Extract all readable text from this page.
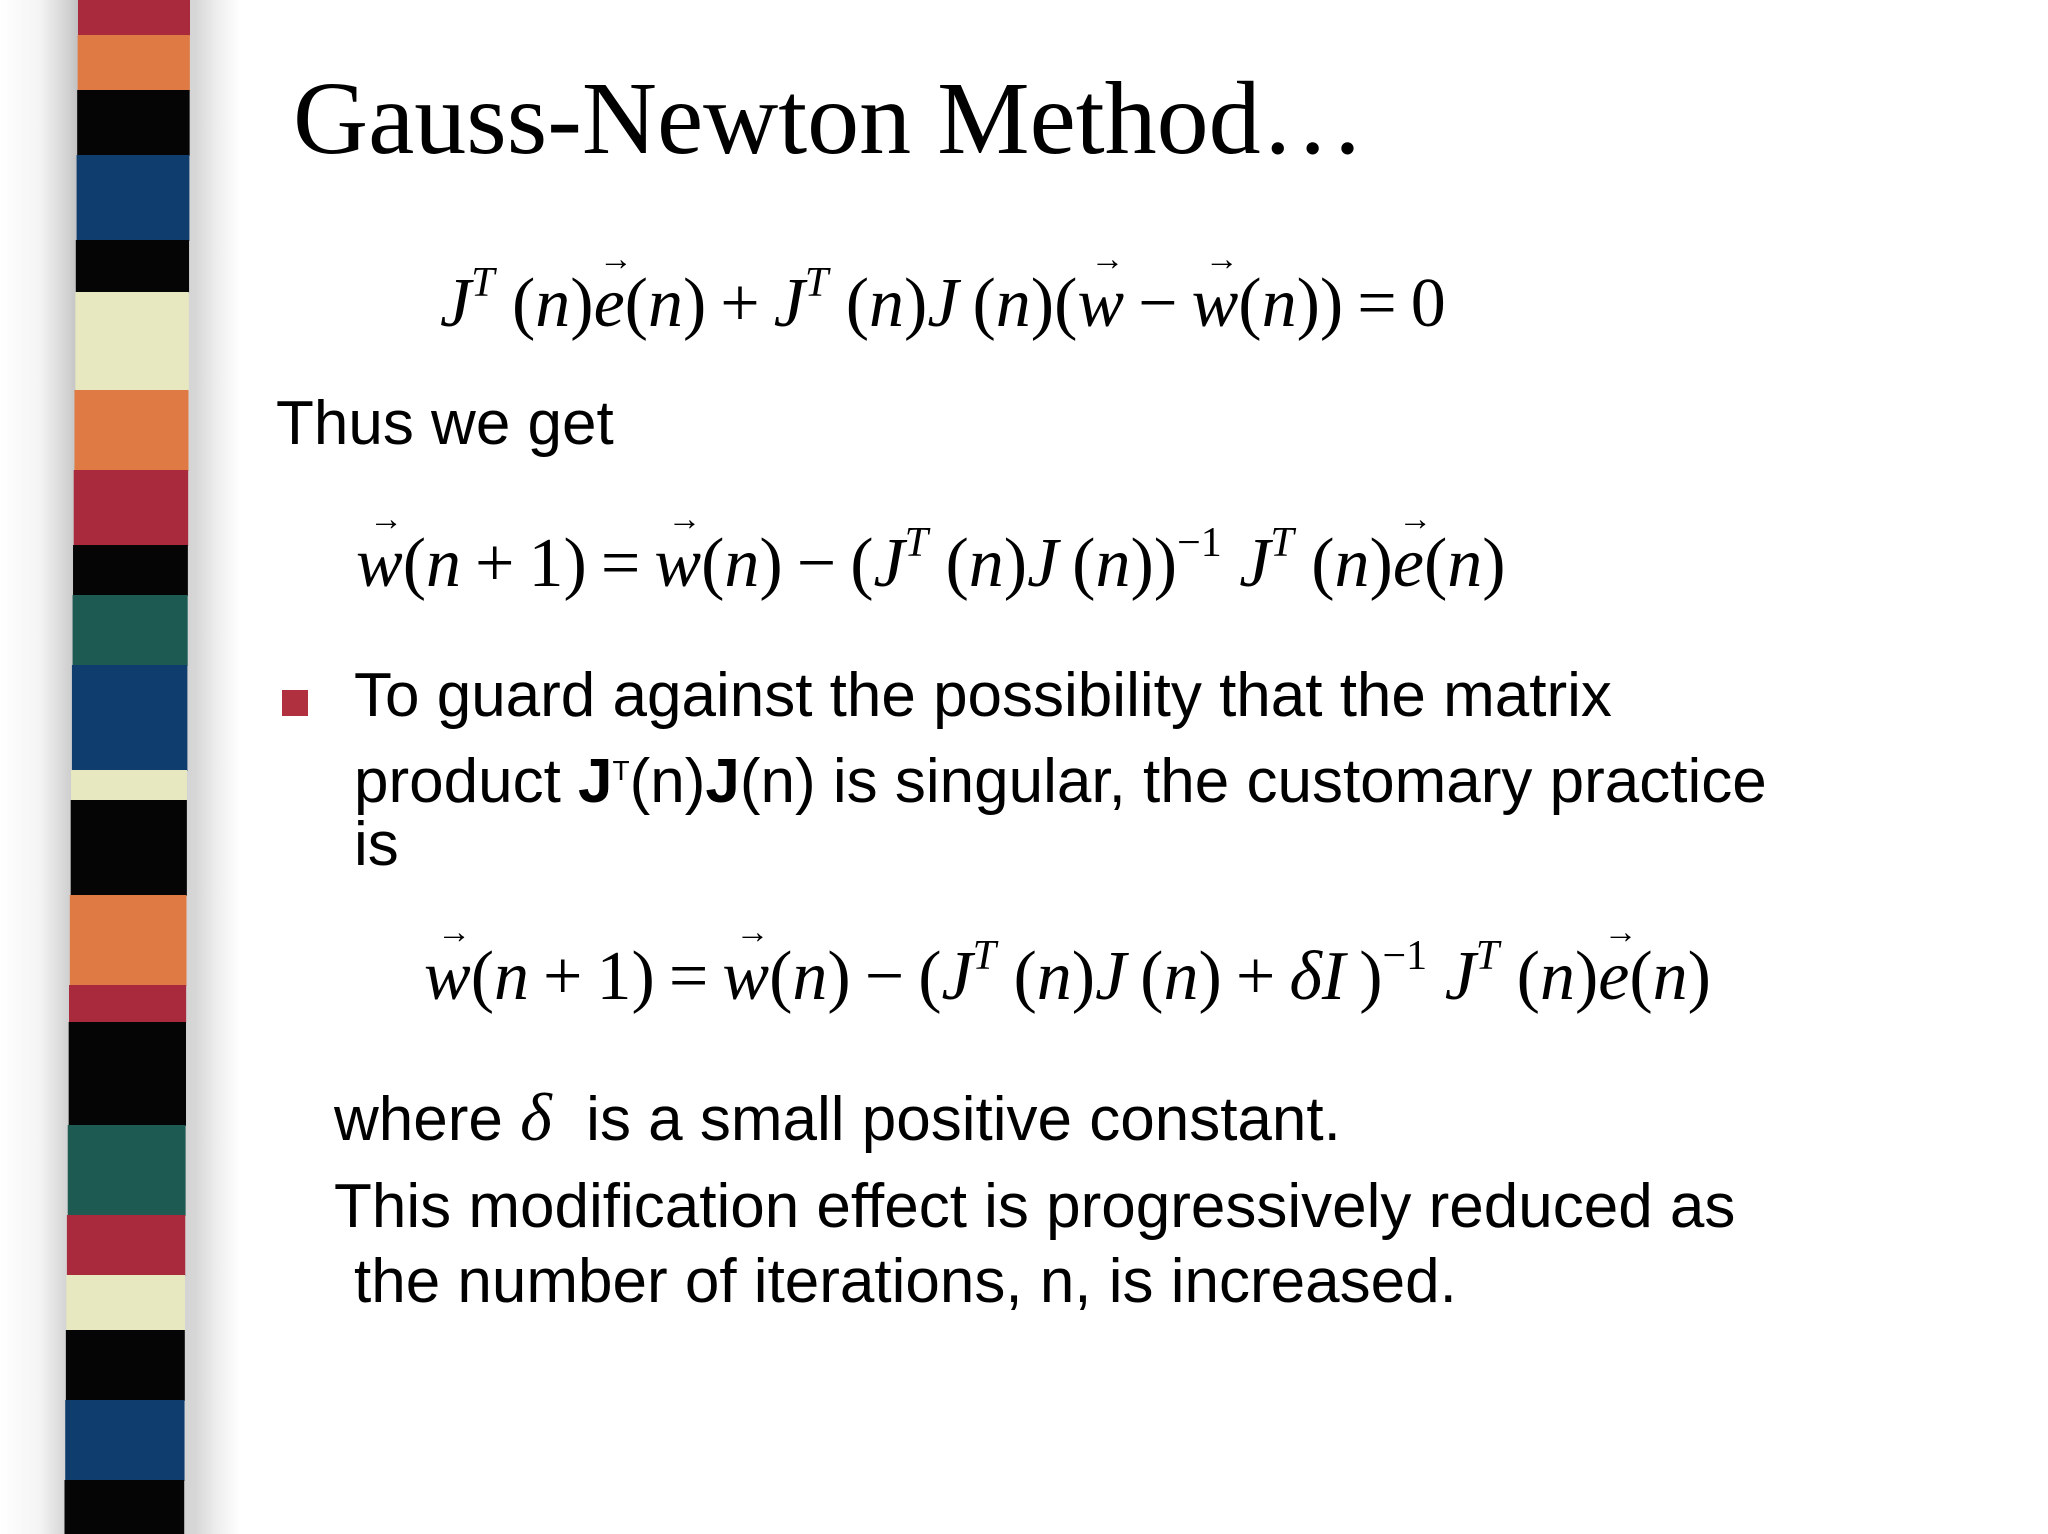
Gauss-Newton Method…
$J^T$ $(n)\to e(n) + J^T$ (n)J  (n)(→ w  −  → w(n))  =  0
Thus we get
→ w(n  +  1)  =  → $w(n) - (J^T$ (n)J  (n))$^{-1}$ $J^T$ (n)→ e(n)
To guard against the possibility that the matrix
product $J^T(n)J(n)$ is singular, the customary practice
is
→ w(n  +  1)  =  → $w(n) - (J^T$ (n)J  (n)  +  δI  )$^{-1}$ $J^T$ (n)→ e(n)
where δ is a small positive constant.
This modification effect is progressively reduced as
the number of iterations, n, is increased.
